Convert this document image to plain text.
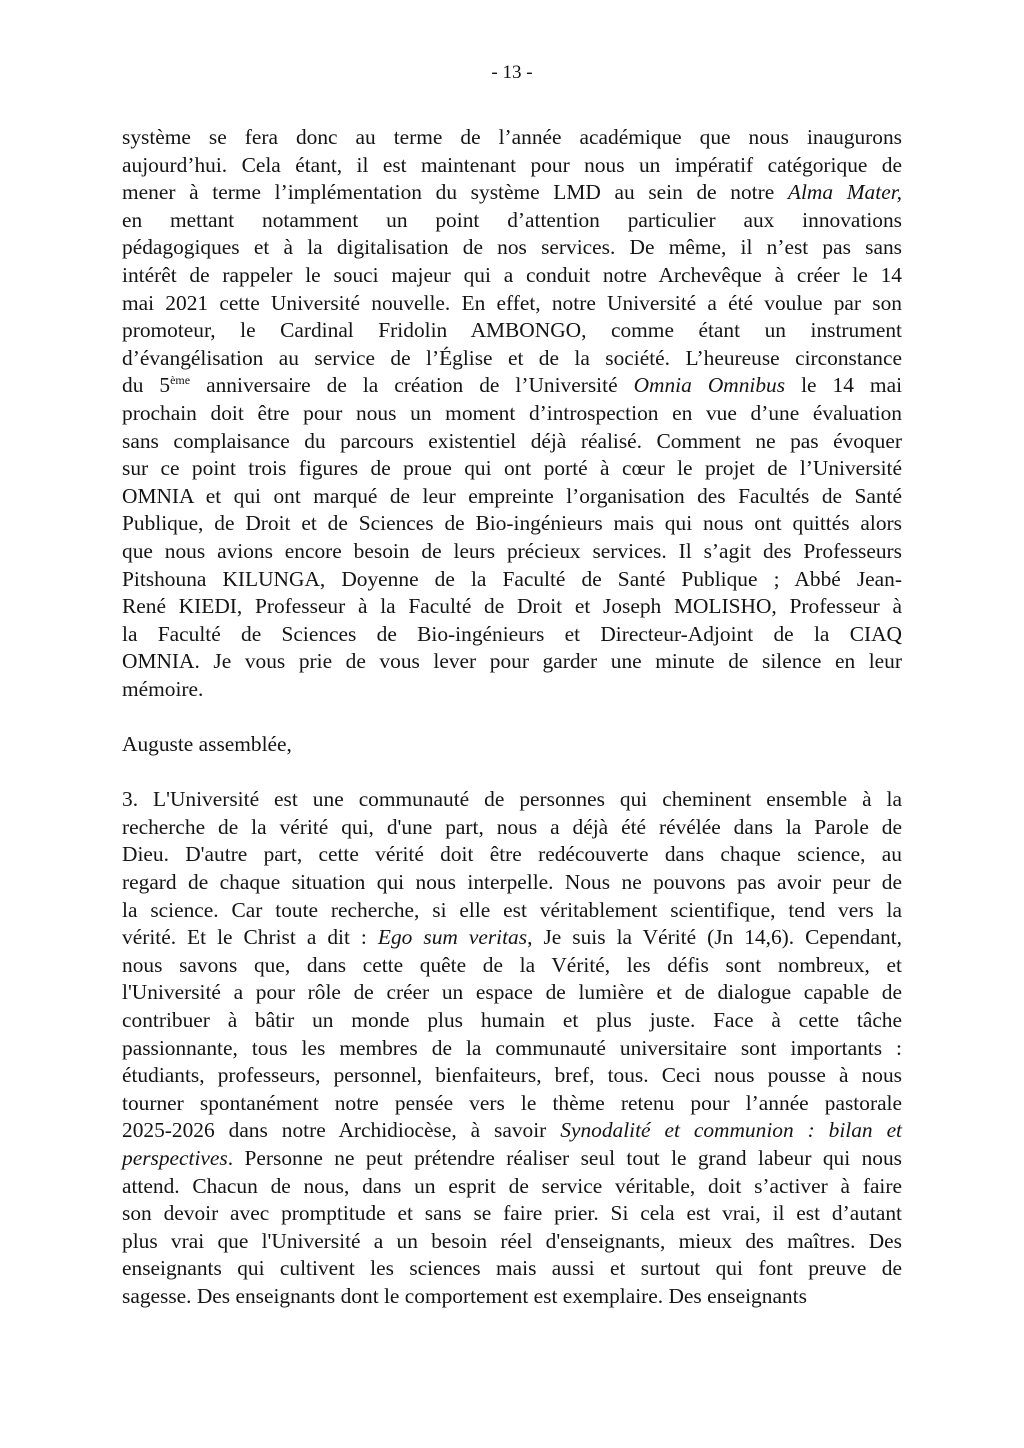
- 13 -
système se fera donc au terme de l’année académique que nous inaugurons
aujourd’hui. Cela étant, il est maintenant pour nous un impératif catégorique de
mener à terme l’implémentation du système LMD au sein de notre Alma Mater,
en mettant notamment un point d’attention particulier aux innovations
pédagogiques et à la digitalisation de nos services. De même, il n’est pas sans
intérêt de rappeler le souci majeur qui a conduit notre Archevêque à créer le 14
mai 2021 cette Université nouvelle. En effet, notre Université a été voulue par son
promoteur, le Cardinal Fridolin AMBONGO, comme étant un instrument
d’évangélisation au service de l’Église et de la société. L’heureuse circonstance
du 5ème anniversaire de la création de l’Université Omnia Omnibus le 14 mai
prochain doit être pour nous un moment d’introspection en vue d’une évaluation
sans complaisance du parcours existentiel déjà réalisé. Comment ne pas évoquer
sur ce point trois figures de proue qui ont porté à cœur le projet de l’Université
OMNIA et qui ont marqué de leur empreinte l’organisation des Facultés de Santé
Publique, de Droit et de Sciences de Bio-ingénieurs mais qui nous ont quittés alors
que nous avions encore besoin de leurs précieux services. Il s’agit des Professeurs
Pitshouna KILUNGA, Doyenne de la Faculté de Santé Publique ; Abbé Jean-
René KIEDI, Professeur à la Faculté de Droit et Joseph MOLISHO, Professeur à
la Faculté de Sciences de Bio-ingénieurs et Directeur-Adjoint de la CIAQ
OMNIA. Je vous prie de vous lever pour garder une minute de silence en leur
mémoire.
Auguste assemblée,
3. L'Université est une communauté de personnes qui cheminent ensemble à la
recherche de la vérité qui, d'une part, nous a déjà été révélée dans la Parole de
Dieu. D'autre part, cette vérité doit être redécouverte dans chaque science, au
regard de chaque situation qui nous interpelle. Nous ne pouvons pas avoir peur de
la science. Car toute recherche, si elle est véritablement scientifique, tend vers la
vérité. Et le Christ a dit : Ego sum veritas, Je suis la Vérité (Jn 14,6). Cependant,
nous savons que, dans cette quête de la Vérité, les défis sont nombreux, et
l'Université a pour rôle de créer un espace de lumière et de dialogue capable de
contribuer à bâtir un monde plus humain et plus juste. Face à cette tâche
passionnante, tous les membres de la communauté universitaire sont importants :
étudiants, professeurs, personnel, bienfaiteurs, bref, tous. Ceci nous pousse à nous
tourner spontanément notre pensée vers le thème retenu pour l’année pastorale
2025-2026 dans notre Archidiocèse, à savoir Synodalité et communion : bilan et
perspectives. Personne ne peut prétendre réaliser seul tout le grand labeur qui nous
attend. Chacun de nous, dans un esprit de service véritable, doit s’activer à faire
son devoir avec promptitude et sans se faire prier. Si cela est vrai, il est d’autant
plus vrai que l'Université a un besoin réel d'enseignants, mieux des maîtres. Des
enseignants qui cultivent les sciences mais aussi et surtout qui font preuve de
sagesse. Des enseignants dont le comportement est exemplaire. Des enseignants
